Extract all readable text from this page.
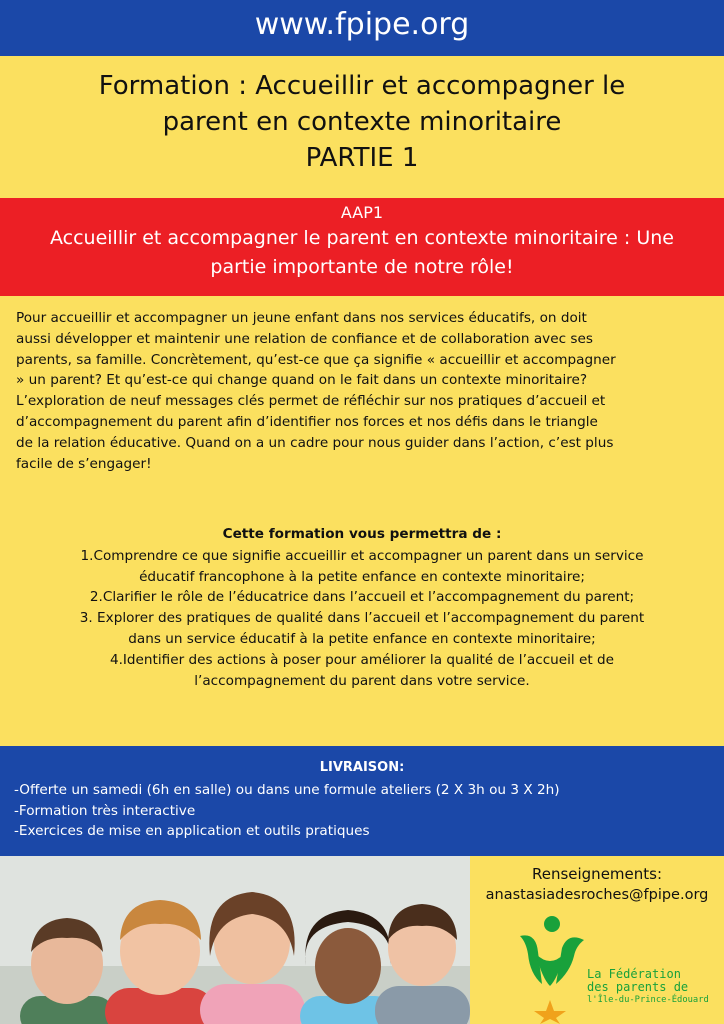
www.fpipe.org
Formation : Accueillir et accompagner le
parent en contexte minoritaire
PARTIE 1
AAP1
Accueillir et accompagner le parent en contexte minoritaire : Une
partie importante de notre rôle!
Pour accueillir et accompagner un jeune enfant dans nos services éducatifs, on doit
aussi développer et maintenir une relation de confiance et de collaboration avec ses
parents, sa famille. Concrètement, qu’est-ce que ça signifie « accueillir et accompagner
» un parent? Et qu’est-ce qui change quand on le fait dans un contexte minoritaire?
L’exploration de neuf messages clés permet de réfléchir sur nos pratiques d’accueil et
d’accompagnement du parent afin d’identifier nos forces et nos défis dans le triangle
de la relation éducative. Quand on a un cadre pour nous guider dans l’action, c’est plus
facile de s’engager!
Cette formation vous permettra de :
1.Comprendre ce que signifie accueillir et accompagner un parent dans un service
éducatif francophone à la petite enfance en contexte minoritaire;
2.Clarifier le rôle de l’éducatrice dans l’accueil et l’accompagnement du parent;
3. Explorer des pratiques de qualité dans l’accueil et l’accompagnement du parent
dans un service éducatif à la petite enfance en contexte minoritaire;
4.Identifier des actions à poser pour améliorer la qualité de l’accueil et de
l’accompagnement du parent dans votre service.
LIVRAISON:
-Offerte un samedi (6h en salle) ou dans une formule ateliers (2 X 3h ou 3 X 2h)
-Formation très interactive
-Exercices de mise en application et outils pratiques
Renseignements:
anastasiadesroches@fpipe.org
La Fédération
des parents de
l'Île-du-Prince-Édouard
